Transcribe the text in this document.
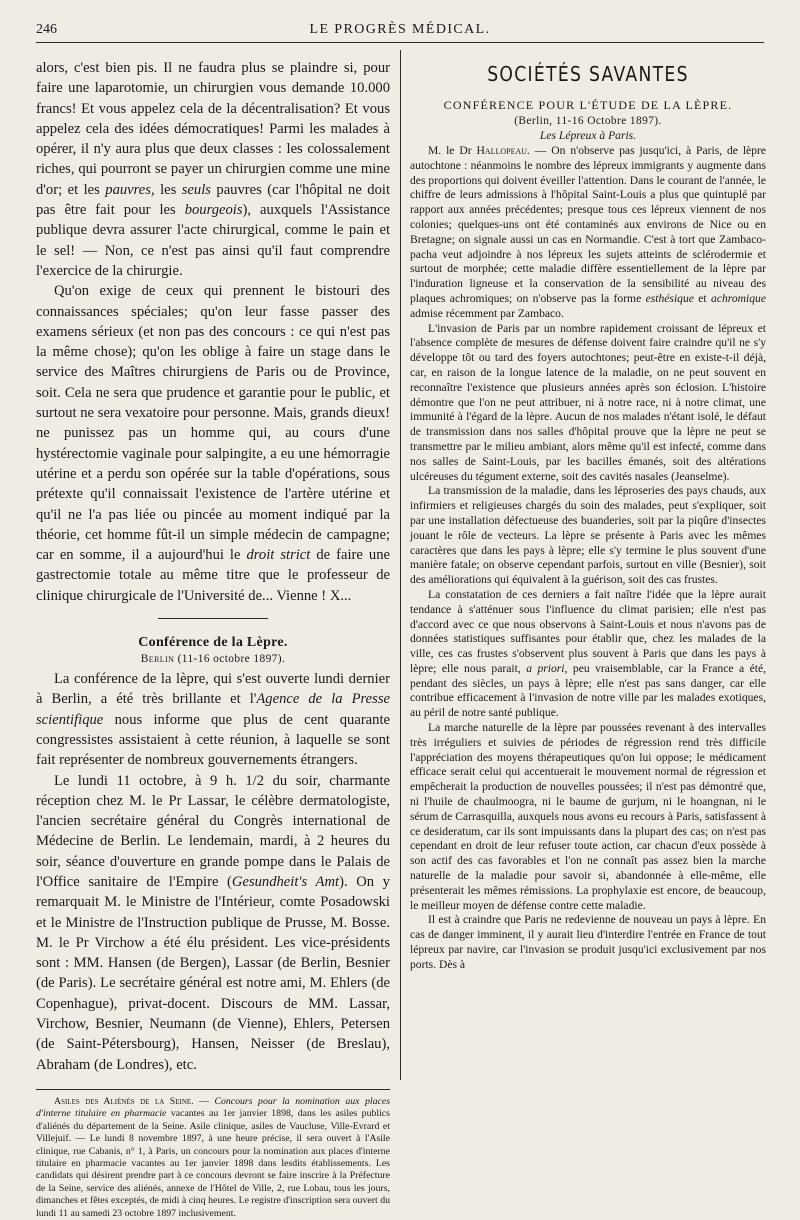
246	LE PROGRÈS MÉDICAL.

alors, c'est bien pis. Il ne faudra plus se plaindre si, pour faire une laparotomie, un chirurgien vous demande 10.000 francs! Et vous appelez cela de la décentralisation? Et vous appelez cela des idées démocratiques! Parmi les malades à opérer, il n'y aura plus que deux classes : les colossalement riches, qui pourront se payer un chirurgien comme une mine d'or; et les pauvres, les seuls pauvres (car l'hôpital ne doit pas être fait pour les bourgeois), auxquels l'Assistance publique devra assurer l'acte chirurgical, comme le pain et le sel! — Non, ce n'est pas ainsi qu'il faut comprendre l'exercice de la chirurgie.

Qu'on exige de ceux qui prennent le bistouri des connaissances spéciales; qu'on leur fasse passer des examens sérieux (et non pas des concours : ce qui n'est pas la même chose); qu'on les oblige à faire un stage dans le service des Maîtres chirurgiens de Paris ou de Province, soit. Cela ne sera que prudence et garantie pour le public, et surtout ne sera vexatoire pour personne. Mais, grands dieux! ne punissez pas un homme qui, au cours d'une hystérectomie vaginale pour salpingite, a eu une hémorragie utérine et a perdu son opérée sur la table d'opérations, sous prétexte qu'il connaissait l'existence de l'artère utérine et qu'il ne l'a pas liée ou pincée au moment indiqué par la théorie, cet homme fût-il un simple médecin de campagne; car en somme, il a aujourd'hui le droit strict de faire une gastrectomie totale au même titre que le professeur de clinique chirurgicale de l'Université de... Vienne ! X...

Conférence de la Lèpre.
Berlin (11-16 octobre 1897).

La conférence de la lèpre, qui s'est ouverte lundi dernier à Berlin, a été très brillante et l'Agence de la Presse scientifique nous informe que plus de cent quarante congressistes assistaient à cette réunion, à laquelle se sont fait représenter de nombreux gouvernements étrangers.

Le lundi 11 octobre, à 9 h. 1/2 du soir, charmante réception chez M. le Pr Lassar, le célèbre dermatologiste, l'ancien secrétaire général du Congrès international de Médecine de Berlin. Le lendemain, mardi, à 2 heures du soir, séance d'ouverture en grande pompe dans le Palais de l'Office sanitaire de l'Empire (Gesundheit's Amt). On y remarquait M. le Ministre de l'Intérieur, comte Posadowski et le Ministre de l'Instruction publique de Prusse, M. Bosse. M. le Pr Virchow a été élu président. Les vice-présidents sont : MM. Hansen (de Bergen), Lassar (de Berlin, Besnier (de Paris). Le secrétaire général est notre ami, M. Ehlers (de Copenhague), privat-docent. Discours de MM. Lassar, Virchow, Besnier, Neumann (de Vienne), Ehlers, Petersen (de Saint-Pétersbourg), Hansen, Neisser (de Breslau), Abraham (de Londres), etc.

Asiles des Aliénés de la Seine. — Concours pour la nomination aux places d'interne titulaire en pharmacie vacantes au 1er janvier 1898, dans les asiles publics d'aliénés du département de la Seine. Asile clinique, asiles de Vaucluse, Ville-Evrard et Villejuif. — Le lundi 8 novembre 1897, à une heure précise, il sera ouvert à l'Asile clinique, rue Cabanis, n° 1, à Paris, un concours pour la nomination aux places d'interne titulaire en pharmacie vacantes au 1er janvier 1898 dans lesdits établissements. Les candidats qui désirent prendre part à ce concours devront se faire inscrire à la Préfecture de la Seine, service des aliénés, annexe de l'Hôtel de Ville, 2, rue Lobau, tous les jours, dimanches et fêtes exceptés, de midi à cinq heures. Le registre d'inscription sera ouvert du lundi 11 au samedi 23 octobre 1897 inclusivement.

SOCIÉTÉS SAVANTES
CONFÉRENCE POUR L'ÉTUDE DE LA LÈPRE.
(Berlin, 11-16 Octobre 1897).
Les Lépreux à Paris.

M. le Dr Hallopeau. — On n'observe pas jusqu'ici, à Paris, de lèpre autochtone : néanmoins le nombre des lépreux immigrants y augmente dans des proportions qui doivent éveiller l'attention. Dans le courant de l'année, le chiffre de leurs admissions à l'hôpital Saint-Louis a plus que quintuplé par rapport aux années précédentes; presque tous ces lépreux viennent de nos colonies; quelques-uns ont été contaminés aux environs de Nice ou en Bretagne; on signale aussi un cas en Normandie. C'est à tort que Zambaco-pacha veut adjoindre à nos lépreux les sujets atteints de sclérodermie et surtout de morphée; cette maladie diffère essentiellement de la lèpre par l'induration ligneuse et la conservation de la sensibilité au niveau des plaques achromiques; on n'observe pas la forme esthésique et achromique admise récemment par Zambaco.

L'invasion de Paris par un nombre rapidement croissant de lépreux et l'absence complète de mesures de défense doivent faire craindre qu'il ne s'y développe tôt ou tard des foyers autochtones; peut-être en existe-t-il déjà, car, en raison de la longue latence de la maladie, on ne peut souvent en reconnaître l'existence que plusieurs années après son éclosion. L'histoire démontre que l'on ne peut attribuer, ni à notre race, ni à notre climat, une immunité à l'égard de la lèpre. Aucun de nos malades n'étant isolé, le défaut de transmission dans nos salles d'hôpital prouve que la lèpre ne peut se transmettre par le milieu ambiant, alors même qu'il est infecté, comme dans nos salles de Saint-Louis, par les bacilles émanés, soit des altérations ulcéreuses du tégument externe, soit des cavités nasales (Jeanselme).

La transmission de la maladie, dans les léproseries des pays chauds, aux infirmiers et religieuses chargés du soin des malades, peut s'expliquer, soit par une installation défectueuse des buanderies, soit par la piqûre d'insectes jouant le rôle de vecteurs. La lèpre se présente à Paris avec les mêmes caractères que dans les pays à lèpre; elle s'y termine le plus souvent d'une manière fatale; on observe cependant parfois, surtout en ville (Besnier), soit des améliorations qui équivalent à la guérison, soit des cas frustes.

La constatation de ces derniers a fait naître l'idée que la lèpre aurait tendance à s'atténuer sous l'influence du climat parisien; elle n'est pas d'accord avec ce que nous observons à Saint-Louis et nous n'avons pas de données statistiques suffisantes pour établir que, chez les malades de la ville, ces cas frustes s'observent plus souvent à Paris que dans les pays à lèpre; elle nous parait, a priori, peu vraisemblable, car la France a été, pendant des siècles, un pays à lèpre; elle n'est pas sans danger, car elle contribue efficacement à l'invasion de notre ville par les malades exotiques, au péril de notre santé publique.

La marche naturelle de la lèpre par poussées revenant à des intervalles très irréguliers et suivies de périodes de régression rend très difficile l'appréciation des moyens thérapeutiques qu'on lui oppose; le médicament efficace serait celui qui accentuerait le mouvement normal de régression et empêcherait la production de nouvelles poussées; il n'est pas démontré que, ni l'huile de chaulmoogra, ni le baume de gurjum, ni le hoangnan, ni le sérum de Carrasquilla, auxquels nous avons eu recours à Paris, satisfassent à ce desideratum, car ils sont impuissants dans la plupart des cas; on n'est pas cependant en droit de leur refuser toute action, car chacun d'eux possède à son actif des cas favorables et l'on ne connaît pas assez bien la marche naturelle de la maladie pour savoir si, abandonnée à elle-même, elle présenterait les mêmes rémissions. La prophylaxie est encore, de beaucoup, le meilleur moyen de défense contre cette maladie.

Il est à craindre que Paris ne redevienne de nouveau un pays à lèpre. En cas de danger imminent, il y aurait lieu d'interdire l'entrée en France de tout lépreux par navire, car l'invasion se produit jusqu'ici exclusivement par nos ports. Dès à
